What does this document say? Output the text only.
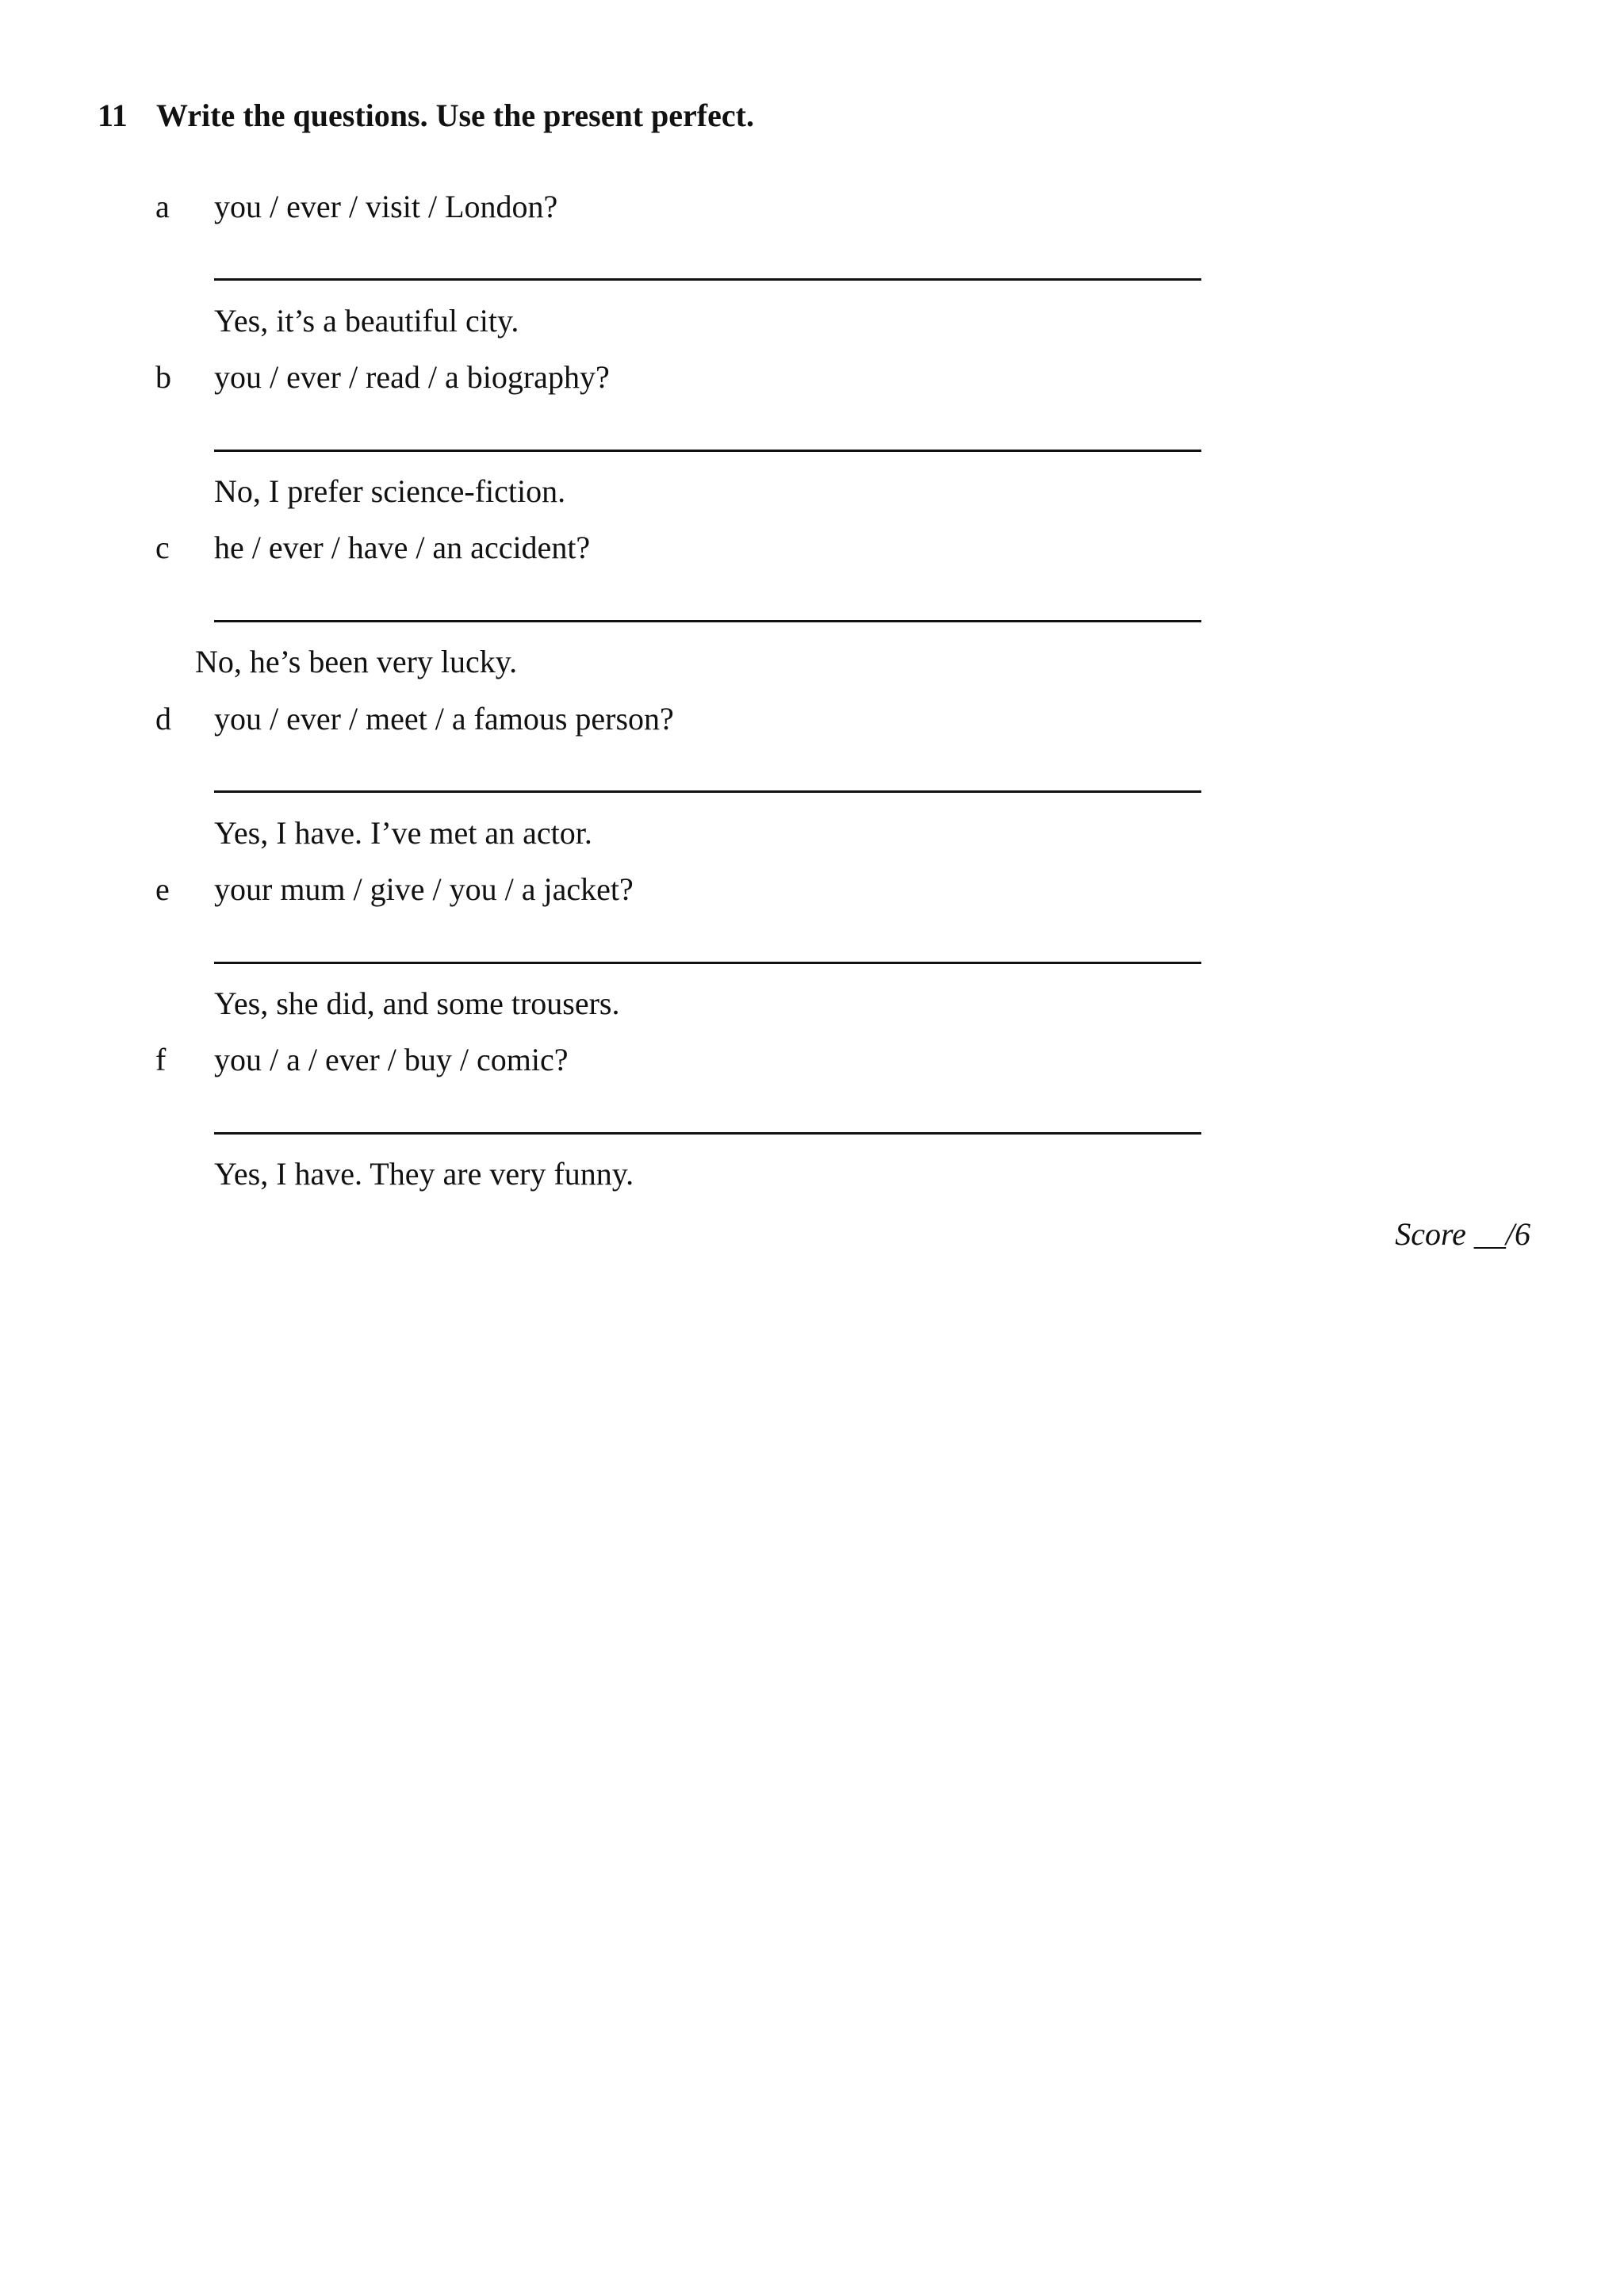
11 Write the questions. Use the present perfect.
a you / ever / visit / London?
Yes, it’s a beautiful city.
b you / ever / read / a biography?
No, I prefer science-fiction.
c he / ever / have / an accident?
No, he’s been very lucky.
d you / ever / meet / a famous person?
Yes, I have. I’ve met an actor.
e your mum / give / you / a jacket?
Yes, she did, and some trousers.
f you / a / ever / buy / comic?
Yes, I have. They are very funny.
Score __/6
